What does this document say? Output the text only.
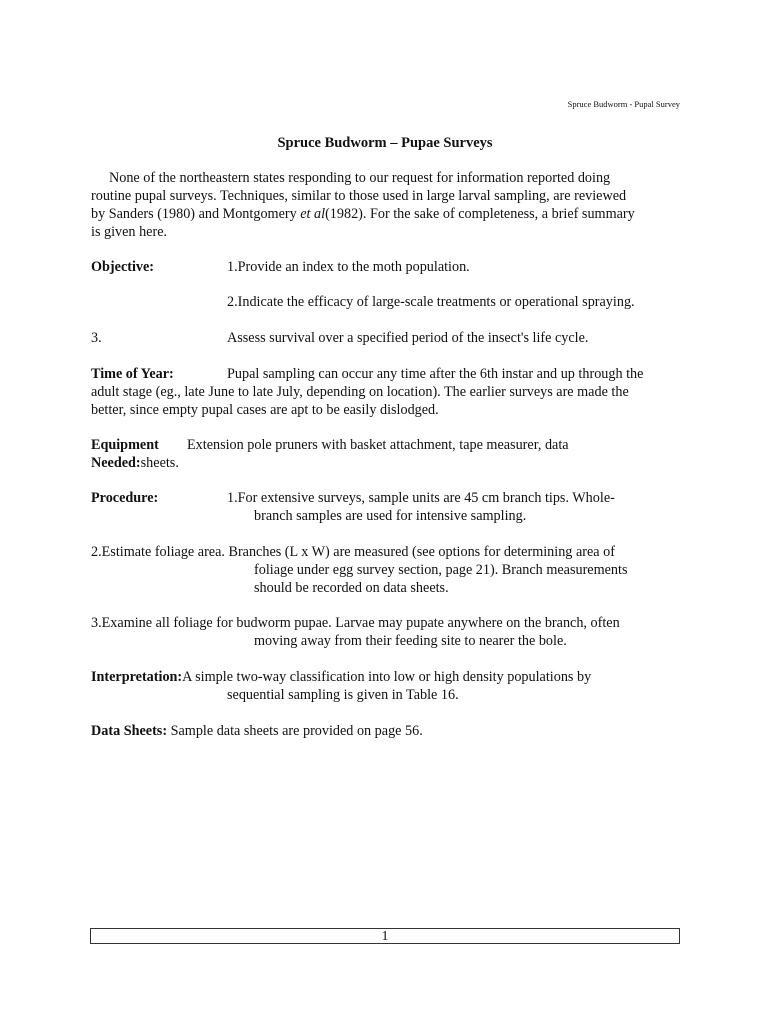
Spruce Budworm - Pupal Survey
Spruce Budworm – Pupae Surveys
None of the northeastern states responding to our request for information reported doing
routine pupal surveys. Techniques, similar to those used in large larval sampling, are reviewed
by Sanders (1980) and Montgomery et al(1982). For the sake of completeness, a brief summary
is given here.
Objective:	1.Provide an index to the moth population.
2.Indicate the efficacy of large-scale treatments or operational spraying.
3.	Assess survival over a specified period of the insect's life cycle.
Time of Year:	Pupal sampling can occur any time after the 6th instar and up through the
adult stage (eg., late June to late July, depending on location). The earlier surveys are made the
better, since empty pupal cases are apt to be easily dislodged.
Equipment Extension pole pruners with basket attachment, tape measurer, data
Needed:sheets.
Procedure:	1.For extensive surveys, sample units are 45 cm branch tips. Whole-
branch samples are used for intensive sampling.
2.Estimate foliage area. Branches (L x W) are measured (see options for determining area of
foliage under egg survey section, page 21). Branch measurements
should be recorded on data sheets.
3.Examine all foliage for budworm pupae. Larvae may pupate anywhere on the branch, often
moving away from their feeding site to nearer the bole.
Interpretation:A simple two-way classification into low or high density populations by
sequential sampling is given in Table 16.
Data Sheets: Sample data sheets are provided on page 56.
1
